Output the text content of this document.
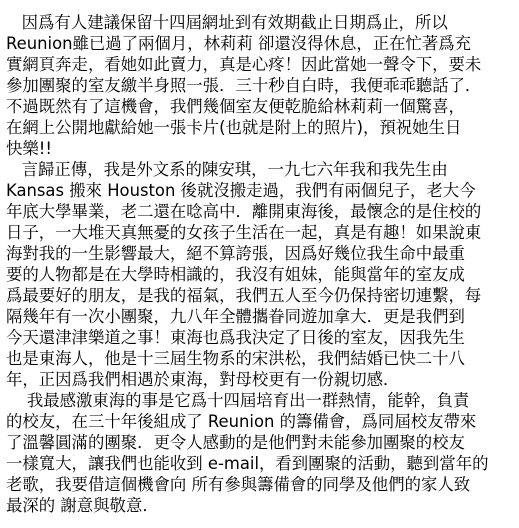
因爲有人建議保留十四屆網址到有效期截止日期爲止，所以
Reunion雖已過了兩個月，林莉莉 卻還沒得休息，正在忙著爲充
實網頁奔走，看她如此賣力，真是心疼！因此當她一聲令下，要未
參加團聚的室友繳半身照一張．三十秒自白時，我便乖乖聽話了．
不過既然有了這機會，我們幾個室友便乾脆給林莉莉一個驚喜，
在網上公開地獻給她一張卡片(也就是附上的照片)，預祝她生日
快樂!!
言歸正傳，我是外文系的陳安琪，一九七六年我和我先生由
Kansas 搬來 Houston 後就沒搬走過，我們有兩個兒子，老大今
年底大學畢業，老二還在唸高中．離開東海後，最懷念的是住校的
日子，一大堆天真無憂的女孩子生活在一起，真是有趣！如果說東
海對我的一生影響最大，絕不算誇張，因爲好幾位我生命中最重
要的人物都是在大學時相識的，我沒有姐妹，能與當年的室友成
爲最要好的朋友，是我的福氣，我們五人至今仍保持密切連繫，每
隔幾年有一次小團聚，九八年全體攜眷同遊加拿大．更是我們到
今天還津津樂道之事！東海也爲我決定了日後的室友，因我先生
也是東海人，他是十三屆生物系的宋洪松，我們結婚已快二十八
年，正因爲我們相遇於東海，對母校更有一份親切感．
我最感激東海的事是它爲十四屆培育出一群熱情，能幹，負責
的校友，在三十年後組成了 Reunion 的籌備會，爲同屆校友帶來
了溫馨圓滿的團聚．更令人感動的是他們對未能參加團聚的校友
一樣寬大，讓我們也能收到 e-mail，看到團聚的活動，聽到當年的
老歌，我要借這個機會向 所有參與籌備會的同學及他們的家人致
最深的 謝意與敬意．
